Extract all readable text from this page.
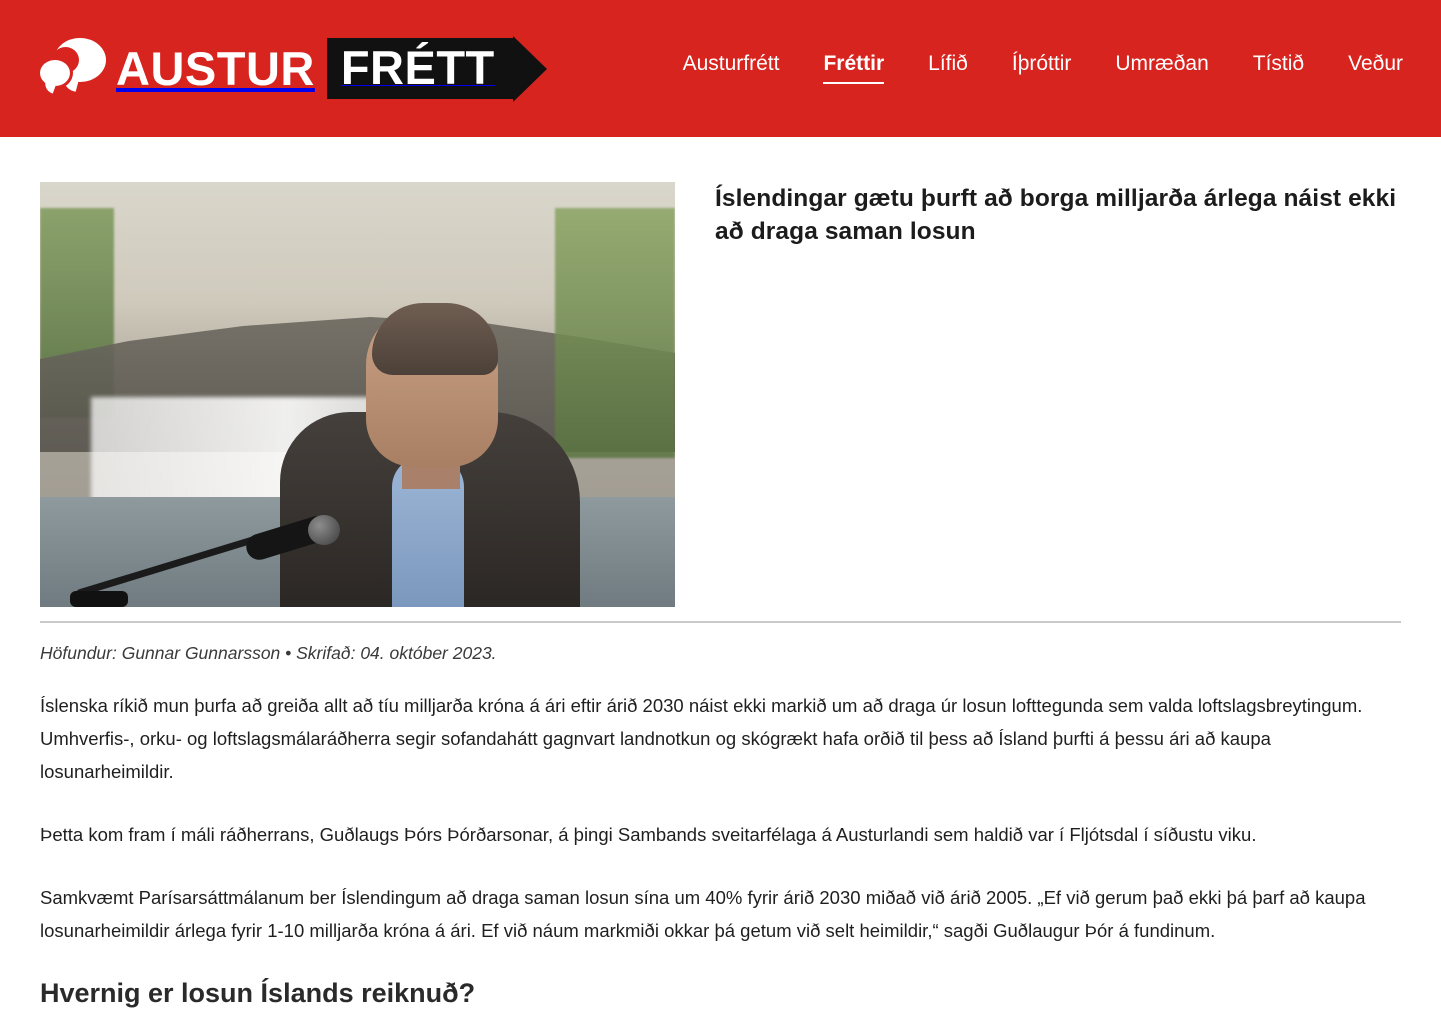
AUSTUR FRÉTT	Austurfrétt Fréttir Lífið Íþróttir Umræðan Tístið Veður
Íslendingar gætu þurft að borga milljarða árlega náist ekki að draga saman losun

Höfundur: Gunnar Gunnarsson • Skrifað: 04. október 2023.

Íslenska ríkið mun þurfa að greiða allt að tíu milljarða króna á ári eftir árið 2030 náist ekki markið um að draga úr losun lofttegunda sem valda loftslagsbreytingum. Umhverfis-, orku- og loftslagsmálaráðherra segir sofandahátt gagnvart landnotkun og skógrækt hafa orðið til þess að Ísland þurfti á þessu ári að kaupa losunarheimildir.

Þetta kom fram í máli ráðherrans, Guðlaugs Þórs Þórðarsonar, á þingi Sambands sveitarfélaga á Austurlandi sem haldið var í Fljótsdal í síðustu viku.

Samkvæmt Parísarsáttmálanum ber Íslendingum að draga saman losun sína um 40% fyrir árið 2030 miðað við árið 2005. „Ef við gerum það ekki þá þarf að kaupa losunarheimildir árlega fyrir 1-10 milljarða króna á ári. Ef við náum markmiði okkar þá getum við selt heimildir,“ sagði Guðlaugur Þór á fundinum.

Hvernig er losun Íslands reiknuð?
